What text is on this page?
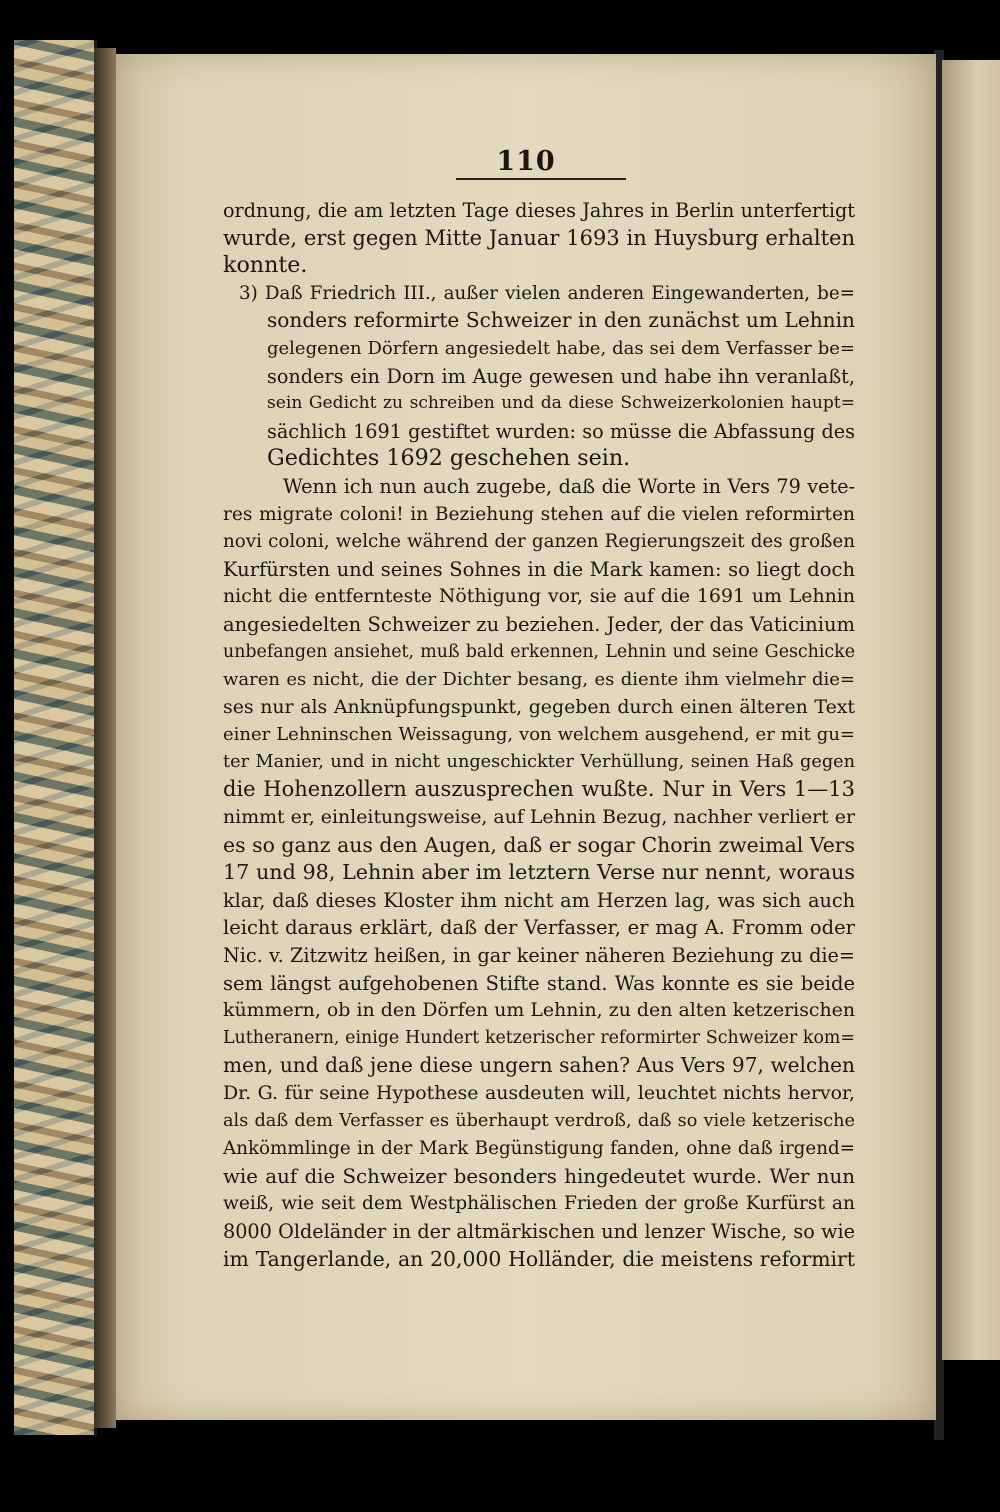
110
ordnung, die am letzten Tage dieses Jahres in Berlin unterfertigt
wurde, erst gegen Mitte Januar 1693 in Huysburg erhalten
konnte.
3) Daß Friedrich III., außer vielen anderen Eingewanderten, be=
sonders reformirte Schweizer in den zunächst um Lehnin
gelegenen Dörfern angesiedelt habe, das sei dem Verfasser be=
sonders ein Dorn im Auge gewesen und habe ihn veranlaßt,
sein Gedicht zu schreiben und da diese Schweizerkolonien haupt=
sächlich 1691 gestiftet wurden: so müsse die Abfassung des
Gedichtes 1692 geschehen sein.
Wenn ich nun auch zugebe, daß die Worte in Vers 79 vete-
res migrate coloni! in Beziehung stehen auf die vielen reformirten
novi coloni, welche während der ganzen Regierungszeit des großen
Kurfürsten und seines Sohnes in die Mark kamen: so liegt doch
nicht die entfernteste Nöthigung vor, sie auf die 1691 um Lehnin
angesiedelten Schweizer zu beziehen. Jeder, der das Vaticinium
unbefangen ansiehet, muß bald erkennen, Lehnin und seine Geschicke
waren es nicht, die der Dichter besang, es diente ihm vielmehr die=
ses nur als Anknüpfungspunkt, gegeben durch einen älteren Text
einer Lehninschen Weissagung, von welchem ausgehend, er mit gu=
ter Manier, und in nicht ungeschickter Verhüllung, seinen Haß gegen
die Hohenzollern auszusprechen wußte. Nur in Vers 1—13
nimmt er, einleitungsweise, auf Lehnin Bezug, nachher verliert er
es so ganz aus den Augen, daß er sogar Chorin zweimal Vers
17 und 98, Lehnin aber im letztern Verse nur nennt, woraus
klar, daß dieses Kloster ihm nicht am Herzen lag, was sich auch
leicht daraus erklärt, daß der Verfasser, er mag A. Fromm oder
Nic. v. Zitzwitz heißen, in gar keiner näheren Beziehung zu die=
sem längst aufgehobenen Stifte stand. Was konnte es sie beide
kümmern, ob in den Dörfen um Lehnin, zu den alten ketzerischen
Lutheranern, einige Hundert ketzerischer reformirter Schweizer kom=
men, und daß jene diese ungern sahen? Aus Vers 97, welchen
Dr. G. für seine Hypothese ausdeuten will, leuchtet nichts hervor,
als daß dem Verfasser es überhaupt verdroß, daß so viele ketzerische
Ankömmlinge in der Mark Begünstigung fanden, ohne daß irgend=
wie auf die Schweizer besonders hingedeutet wurde. Wer nun
weiß, wie seit dem Westphälischen Frieden der große Kurfürst an
8000 Oldeländer in der altmärkischen und lenzer Wische, so wie
im Tangerlande, an 20,000 Holländer, die meistens reformirt
